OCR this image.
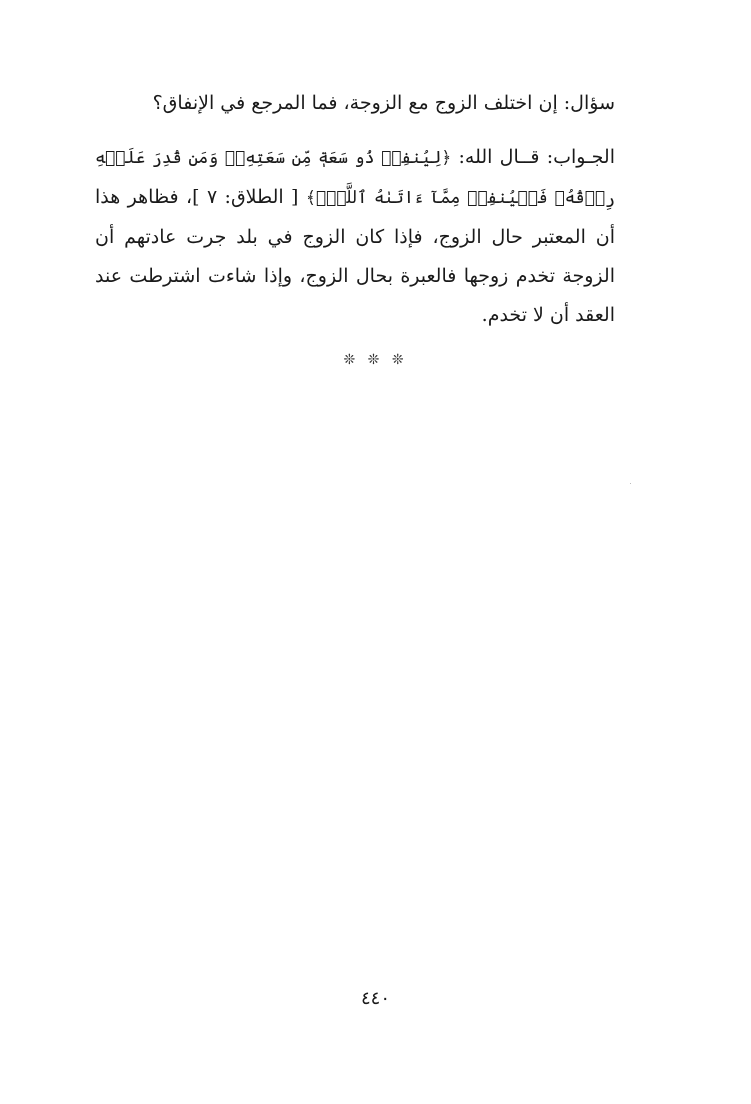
سؤال: إن اختلف الزوج مع الزوجة، فما المرجع في الإنفاق؟

الجـواب: قــال الله: ﴿لِيُنفِقۡ ذُو سَعَةٖ مِّن سَعَتِهِۦۖ وَمَن قُدِرَ عَلَيۡهِ رِزۡقُهُۥ فَلۡيُنفِقۡ مِمَّآ ءَاتَىٰهُ ٱللَّهُۚ﴾ [ الطلاق: ٧ ]، فظاهر هذا أن المعتبر حال الزوج، فإذا كان الزوج في بلد جرت عادتهم أن الزوجة تخدم زوجها فالعبرة بحال الزوج، وإذا شاءت اشترطت عند العقد أن لا تخدم.

❊ ❊ ❊
٤٤٠
